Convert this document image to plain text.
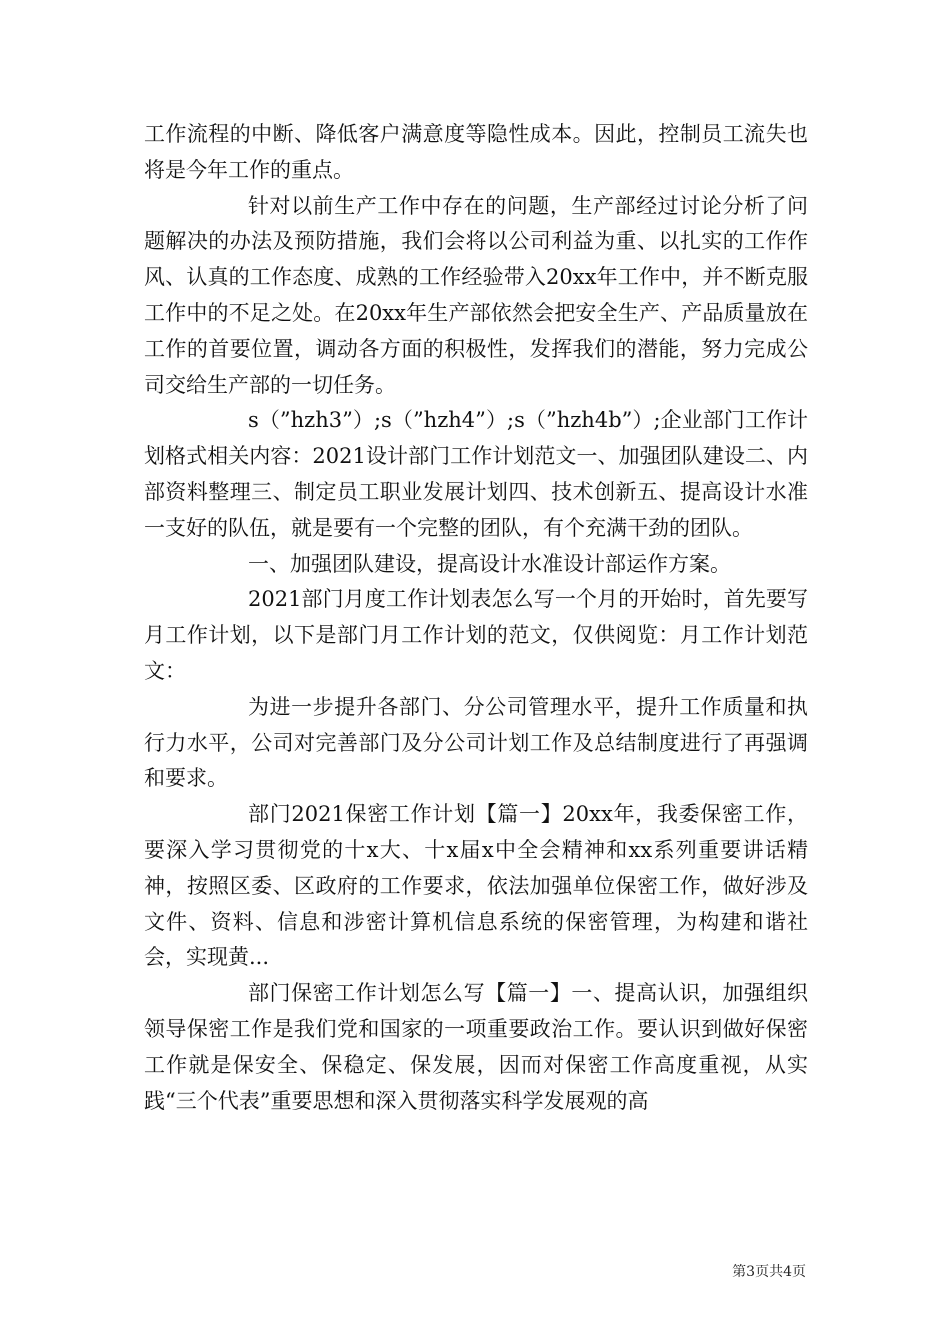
工作流程的中断、降低客户满意度等隐性成本。因此，控制员工流失也将是今年工作的重点。

针对以前生产工作中存在的问题，生产部经过讨论分析了问题解决的办法及预防措施，我们会将以公司利益为重、以扎实的工作作风、认真的工作态度、成熟的工作经验带入20xx年工作中，并不断克服工作中的不足之处。在20xx年生产部依然会把安全生产、产品质量放在工作的首要位置，调动各方面的积极性，发挥我们的潜能，努力完成公司交给生产部的一切任务。

s（”hzh3”）;s（”hzh4”）;s（”hzh4b”）;企业部门工作计划格式相关内容：2021设计部门工作计划范文一、加强团队建设二、内部资料整理三、制定员工职业发展计划四、技术创新五、提高设计水准一支好的队伍，就是要有一个完整的团队，有个充满干劲的团队。

一、加强团队建设，提高设计水准设计部运作方案。

2021部门月度工作计划表怎么写一个月的开始时，首先要写月工作计划，以下是部门月工作计划的范文，仅供阅览：月工作计划范文：

为进一步提升各部门、分公司管理水平，提升工作质量和执行力水平，公司对完善部门及分公司计划工作及总结制度进行了再强调和要求。

部门2021保密工作计划【篇一】20xx年，我委保密工作，要深入学习贯彻党的十x大、十x届x中全会精神和xx系列重要讲话精神，按照区委、区政府的工作要求，依法加强单位保密工作，做好涉及文件、资料、信息和涉密计算机信息系统的保密管理，为构建和谐社会，实现黄...

部门保密工作计划怎么写【篇一】一、提高认识，加强组织领导保密工作是我们党和国家的一项重要政治工作。要认识到做好保密工作就是保安全、保稳定、保发展，因而对保密工作高度重视，从实践“三个代表”重要思想和深入贯彻落实科学发展观的高

第3页共4页
